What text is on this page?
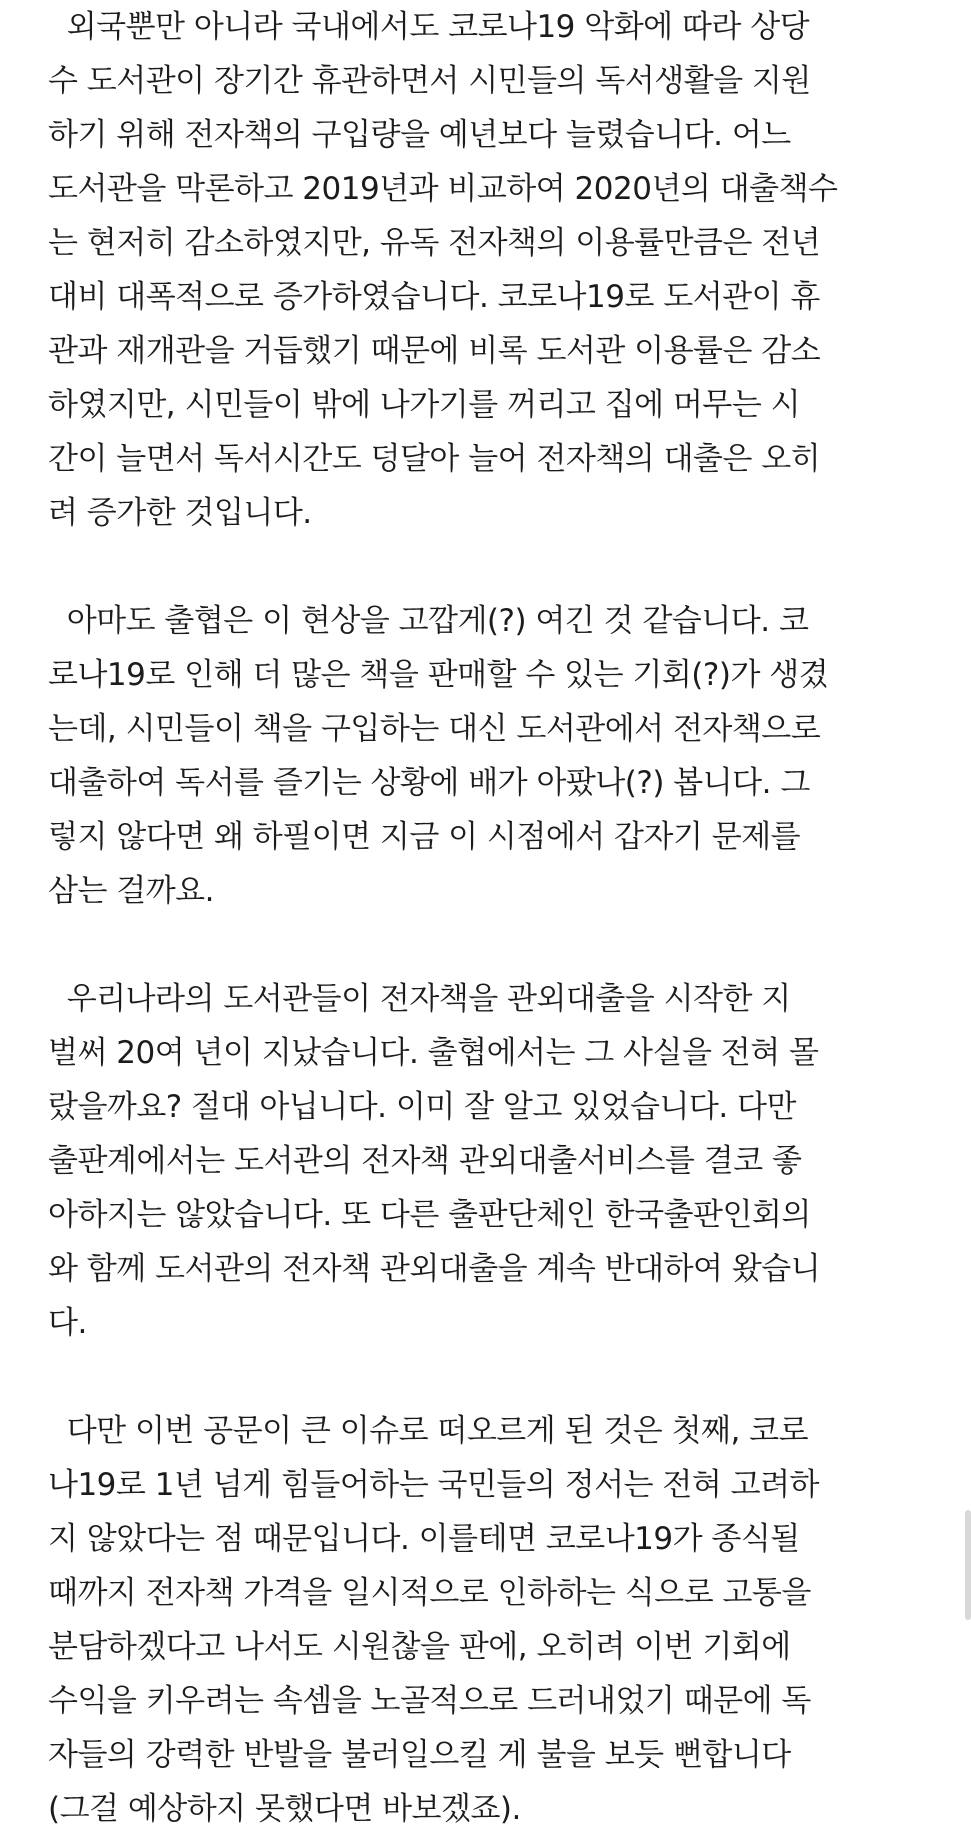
외국뿐만 아니라 국내에서도 코로나19 악화에 따라 상당
수 도서관이 장기간 휴관하면서 시민들의 독서생활을 지원
하기 위해 전자책의 구입량을 예년보다 늘렸습니다. 어느
도서관을 막론하고 2019년과 비교하여 2020년의 대출책수
는 현저히 감소하였지만, 유독 전자책의 이용률만큼은 전년
대비 대폭적으로 증가하였습니다. 코로나19로 도서관이 휴
관과 재개관을 거듭했기 때문에 비록 도서관 이용률은 감소
하였지만, 시민들이 밖에 나가기를 꺼리고 집에 머무는 시
간이 늘면서 독서시간도 덩달아 늘어 전자책의 대출은 오히
려 증가한 것입니다.
아마도 출협은 이 현상을 고깝게(?) 여긴 것 같습니다. 코
로나19로 인해 더 많은 책을 판매할 수 있는 기회(?)가 생겼
는데, 시민들이 책을 구입하는 대신 도서관에서 전자책으로
대출하여 독서를 즐기는 상황에 배가 아팠나(?) 봅니다. 그
렇지 않다면 왜 하필이면 지금 이 시점에서 갑자기 문제를
삼는 걸까요.
우리나라의 도서관들이 전자책을 관외대출을 시작한 지
벌써 20여 년이 지났습니다. 출협에서는 그 사실을 전혀 몰
랐을까요? 절대 아닙니다. 이미 잘 알고 있었습니다. 다만
출판계에서는 도서관의 전자책 관외대출서비스를 결코 좋
아하지는 않았습니다. 또 다른 출판단체인 한국출판인회의
와 함께 도서관의 전자책 관외대출을 계속 반대하여 왔습니
다.
다만 이번 공문이 큰 이슈로 떠오르게 된 것은 첫째, 코로
나19로 1년 넘게 힘들어하는 국민들의 정서는 전혀 고려하
지 않았다는 점 때문입니다. 이를테면 코로나19가 종식될
때까지 전자책 가격을 일시적으로 인하하는 식으로 고통을
분담하겠다고 나서도 시원찮을 판에, 오히려 이번 기회에
수익을 키우려는 속셈을 노골적으로 드러내었기 때문에 독
자들의 강력한 반발을 불러일으킬 게 불을 보듯 뻔합니다
(그걸 예상하지 못했다면 바보겠죠).
